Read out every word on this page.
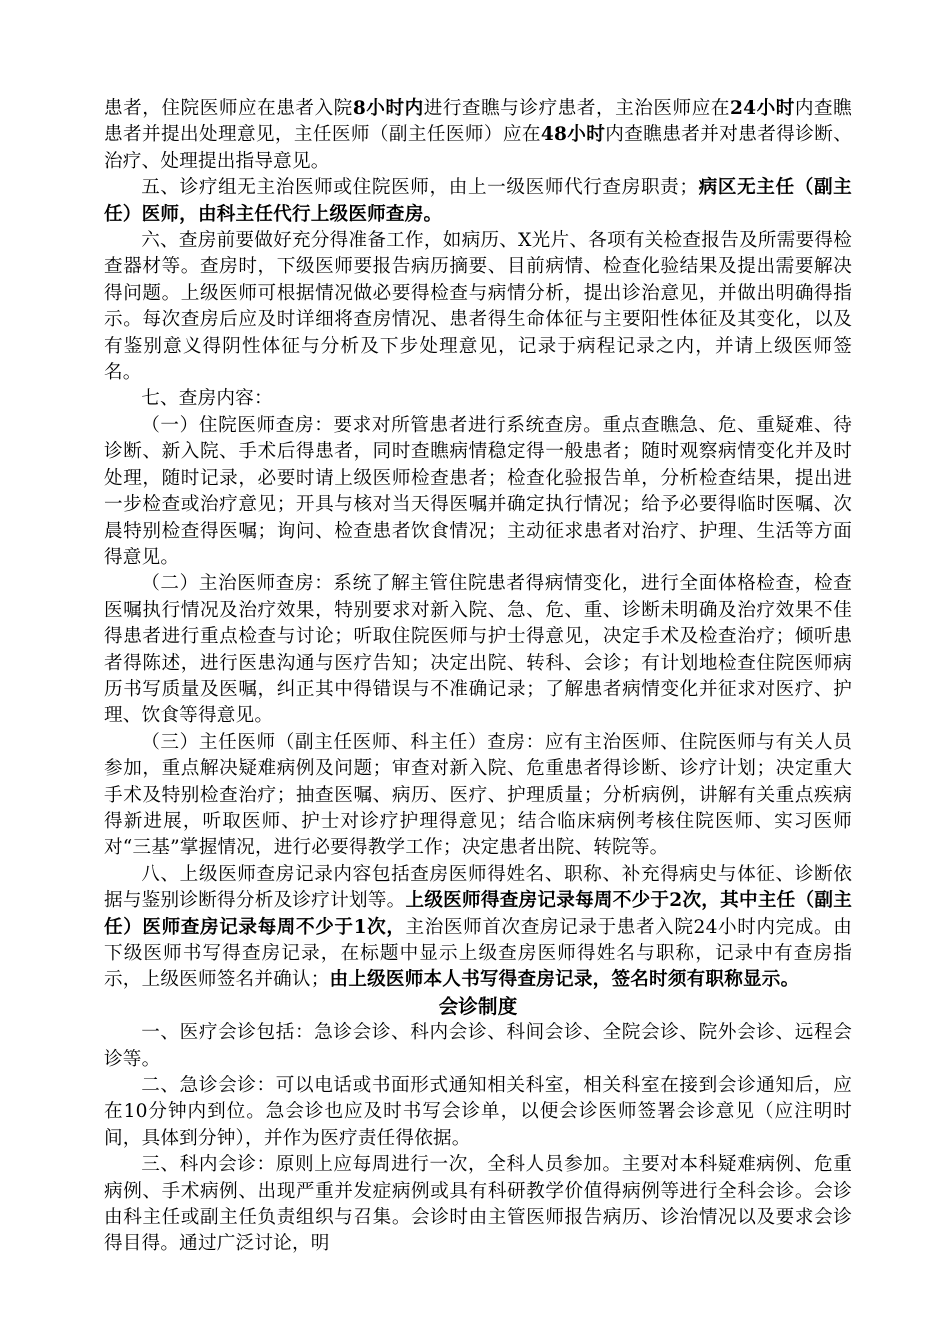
患者，住院医师应在患者入院8小时内进行查瞧与诊疗患者，主治医师应在24小时内查瞧患者并提出处理意见，主任医师（副主任医师）应在48小时内查瞧患者并对患者得诊断、治疗、处理提出指导意见。

五、诊疗组无主治医师或住院医师，由上一级医师代行查房职责；病区无主任（副主任）医师，由科主任代行上级医师查房。

六、查房前要做好充分得准备工作，如病历、X光片、各项有关检查报告及所需要得检查器材等。查房时，下级医师要报告病历摘要、目前病情、检查化验结果及提出需要解决得问题。上级医师可根据情况做必要得检查与病情分析，提出诊治意见，并做出明确得指示。每次查房后应及时详细将查房情况、患者得生命体征与主要阳性体征及其变化，以及有鉴别意义得阴性体征与分析及下步处理意见，记录于病程记录之内，并请上级医师签名。

七、查房内容：

（一）住院医师查房：要求对所管患者进行系统查房。重点查瞧急、危、重疑难、待诊断、新入院、手术后得患者，同时查瞧病情稳定得一般患者；随时观察病情变化并及时处理，随时记录，必要时请上级医师检查患者；检查化验报告单，分析检查结果，提出进一步检查或治疗意见；开具与核对当天得医嘱并确定执行情况；给予必要得临时医嘱、次晨特别检查得医嘱；询问、检查患者饮食情况；主动征求患者对治疗、护理、生活等方面得意见。

（二）主治医师查房：系统了解主管住院患者得病情变化，进行全面体格检查，检查医嘱执行情况及治疗效果，特别要求对新入院、急、危、重、诊断未明确及治疗效果不佳得患者进行重点检查与讨论；听取住院医师与护士得意见，决定手术及检查治疗；倾听患者得陈述，进行医患沟通与医疗告知；决定出院、转科、会诊；有计划地检查住院医师病历书写质量及医嘱，纠正其中得错误与不准确记录；了解患者病情变化并征求对医疗、护理、饮食等得意见。

（三）主任医师（副主任医师、科主任）查房：应有主治医师、住院医师与有关人员参加，重点解决疑难病例及问题；审查对新入院、危重患者得诊断、诊疗计划；决定重大手术及特别检查治疗；抽查医嘱、病历、医疗、护理质量；分析病例，讲解有关重点疾病得新进展，听取医师、护士对诊疗护理得意见；结合临床病例考核住院医师、实习医师对“三基”掌握情况，进行必要得教学工作；决定患者出院、转院等。

八、上级医师查房记录内容包括查房医师得姓名、职称、补充得病史与体征、诊断依据与鉴别诊断得分析及诊疗计划等。上级医师得查房记录每周不少于2次，其中主任（副主任）医师查房记录每周不少于1次，主治医师首次查房记录于患者入院24小时内完成。由下级医师书写得查房记录，在标题中显示上级查房医师得姓名与职称，记录中有查房指示，上级医师签名并确认；由上级医师本人书写得查房记录，签名时须有职称显示。

会诊制度

一、医疗会诊包括：急诊会诊、科内会诊、科间会诊、全院会诊、院外会诊、远程会诊等。

二、急诊会诊：可以电话或书面形式通知相关科室，相关科室在接到会诊通知后，应在10分钟内到位。急会诊也应及时书写会诊单，以便会诊医师签署会诊意见（应注明时间，具体到分钟），并作为医疗责任得依据。

三、科内会诊：原则上应每周进行一次，全科人员参加。主要对本科疑难病例、危重病例、手术病例、出现严重并发症病例或具有科研教学价值得病例等进行全科会诊。会诊由科主任或副主任负责组织与召集。会诊时由主管医师报告病历、诊治情况以及要求会诊得目得。通过广泛讨论，明
